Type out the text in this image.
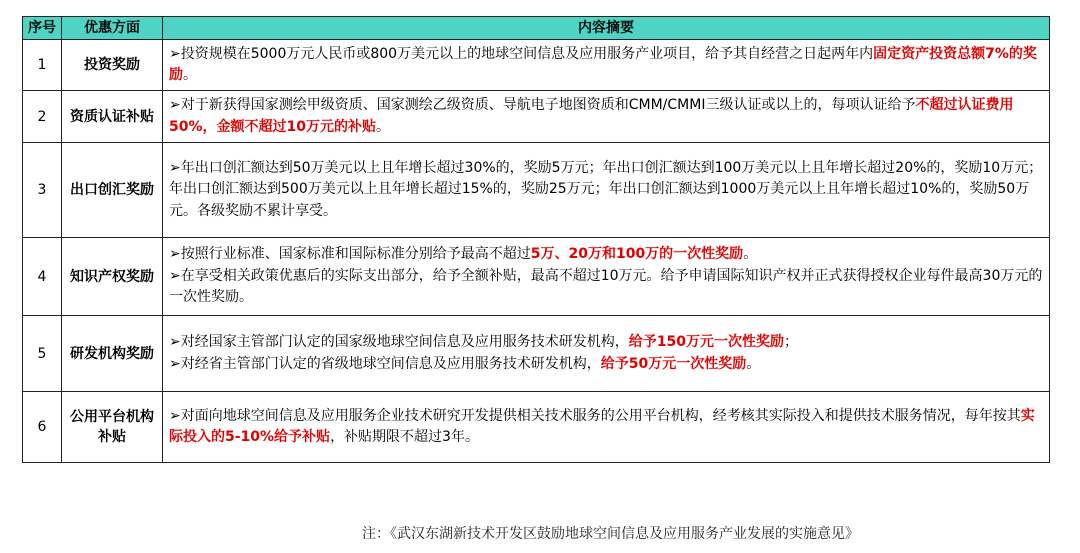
序号	优惠方面	内容摘要
1	投资奖励	➢投资规模在5000万元人民币或800万美元以上的地球空间信息及应用服务产业项目，给予其自经营之日起两年内固定资产投资总额7%的奖励。

2	资质认证补贴	➢对于新获得国家测绘甲级资质、国家测绘乙级资质、导航电子地图资质和CMM/CMMI三级认证或以上的，每项认证给予不超过认证费用50%，金额不超过10万元的补贴。

3	出口创汇奖励	➢年出口创汇额达到50万美元以上且年增长超过30%的，奖励5万元；年出口创汇额达到100万美元以上且年增长超过20%的，奖励10万元；年出口创汇额达到500万美元以上且年增长超过15%的，奖励25万元；年出口创汇额达到1000万美元以上且年增长超过10%的，奖励50万元。各级奖励不累计享受。

4	知识产权奖励	➢按照行业标准、国家标准和国际标准分别给予最高不超过5万、20万和100万的一次性奖励。
➢在享受相关政策优惠后的实际支出部分，给予全额补贴，最高不超过10万元。给予申请国际知识产权并正式获得授权企业每件最高30万元的一次性奖励。

5	研发机构奖励	➢对经国家主管部门认定的国家级地球空间信息及应用服务技术研发机构，给予150万元一次性奖励；
➢对经省主管部门认定的省级地球空间信息及应用服务技术研发机构，给予50万元一次性奖励。

6	公用平台机构补贴	➢对面向地球空间信息及应用服务企业技术研究开发提供相关技术服务的公用平台机构，经考核其实际投入和提供技术服务情况，每年按其实际投入的5-10%给予补贴，补贴期限不超过3年。
注：《武汉东湖新技术开发区鼓励地球空间信息及应用服务产业发展的实施意见》
